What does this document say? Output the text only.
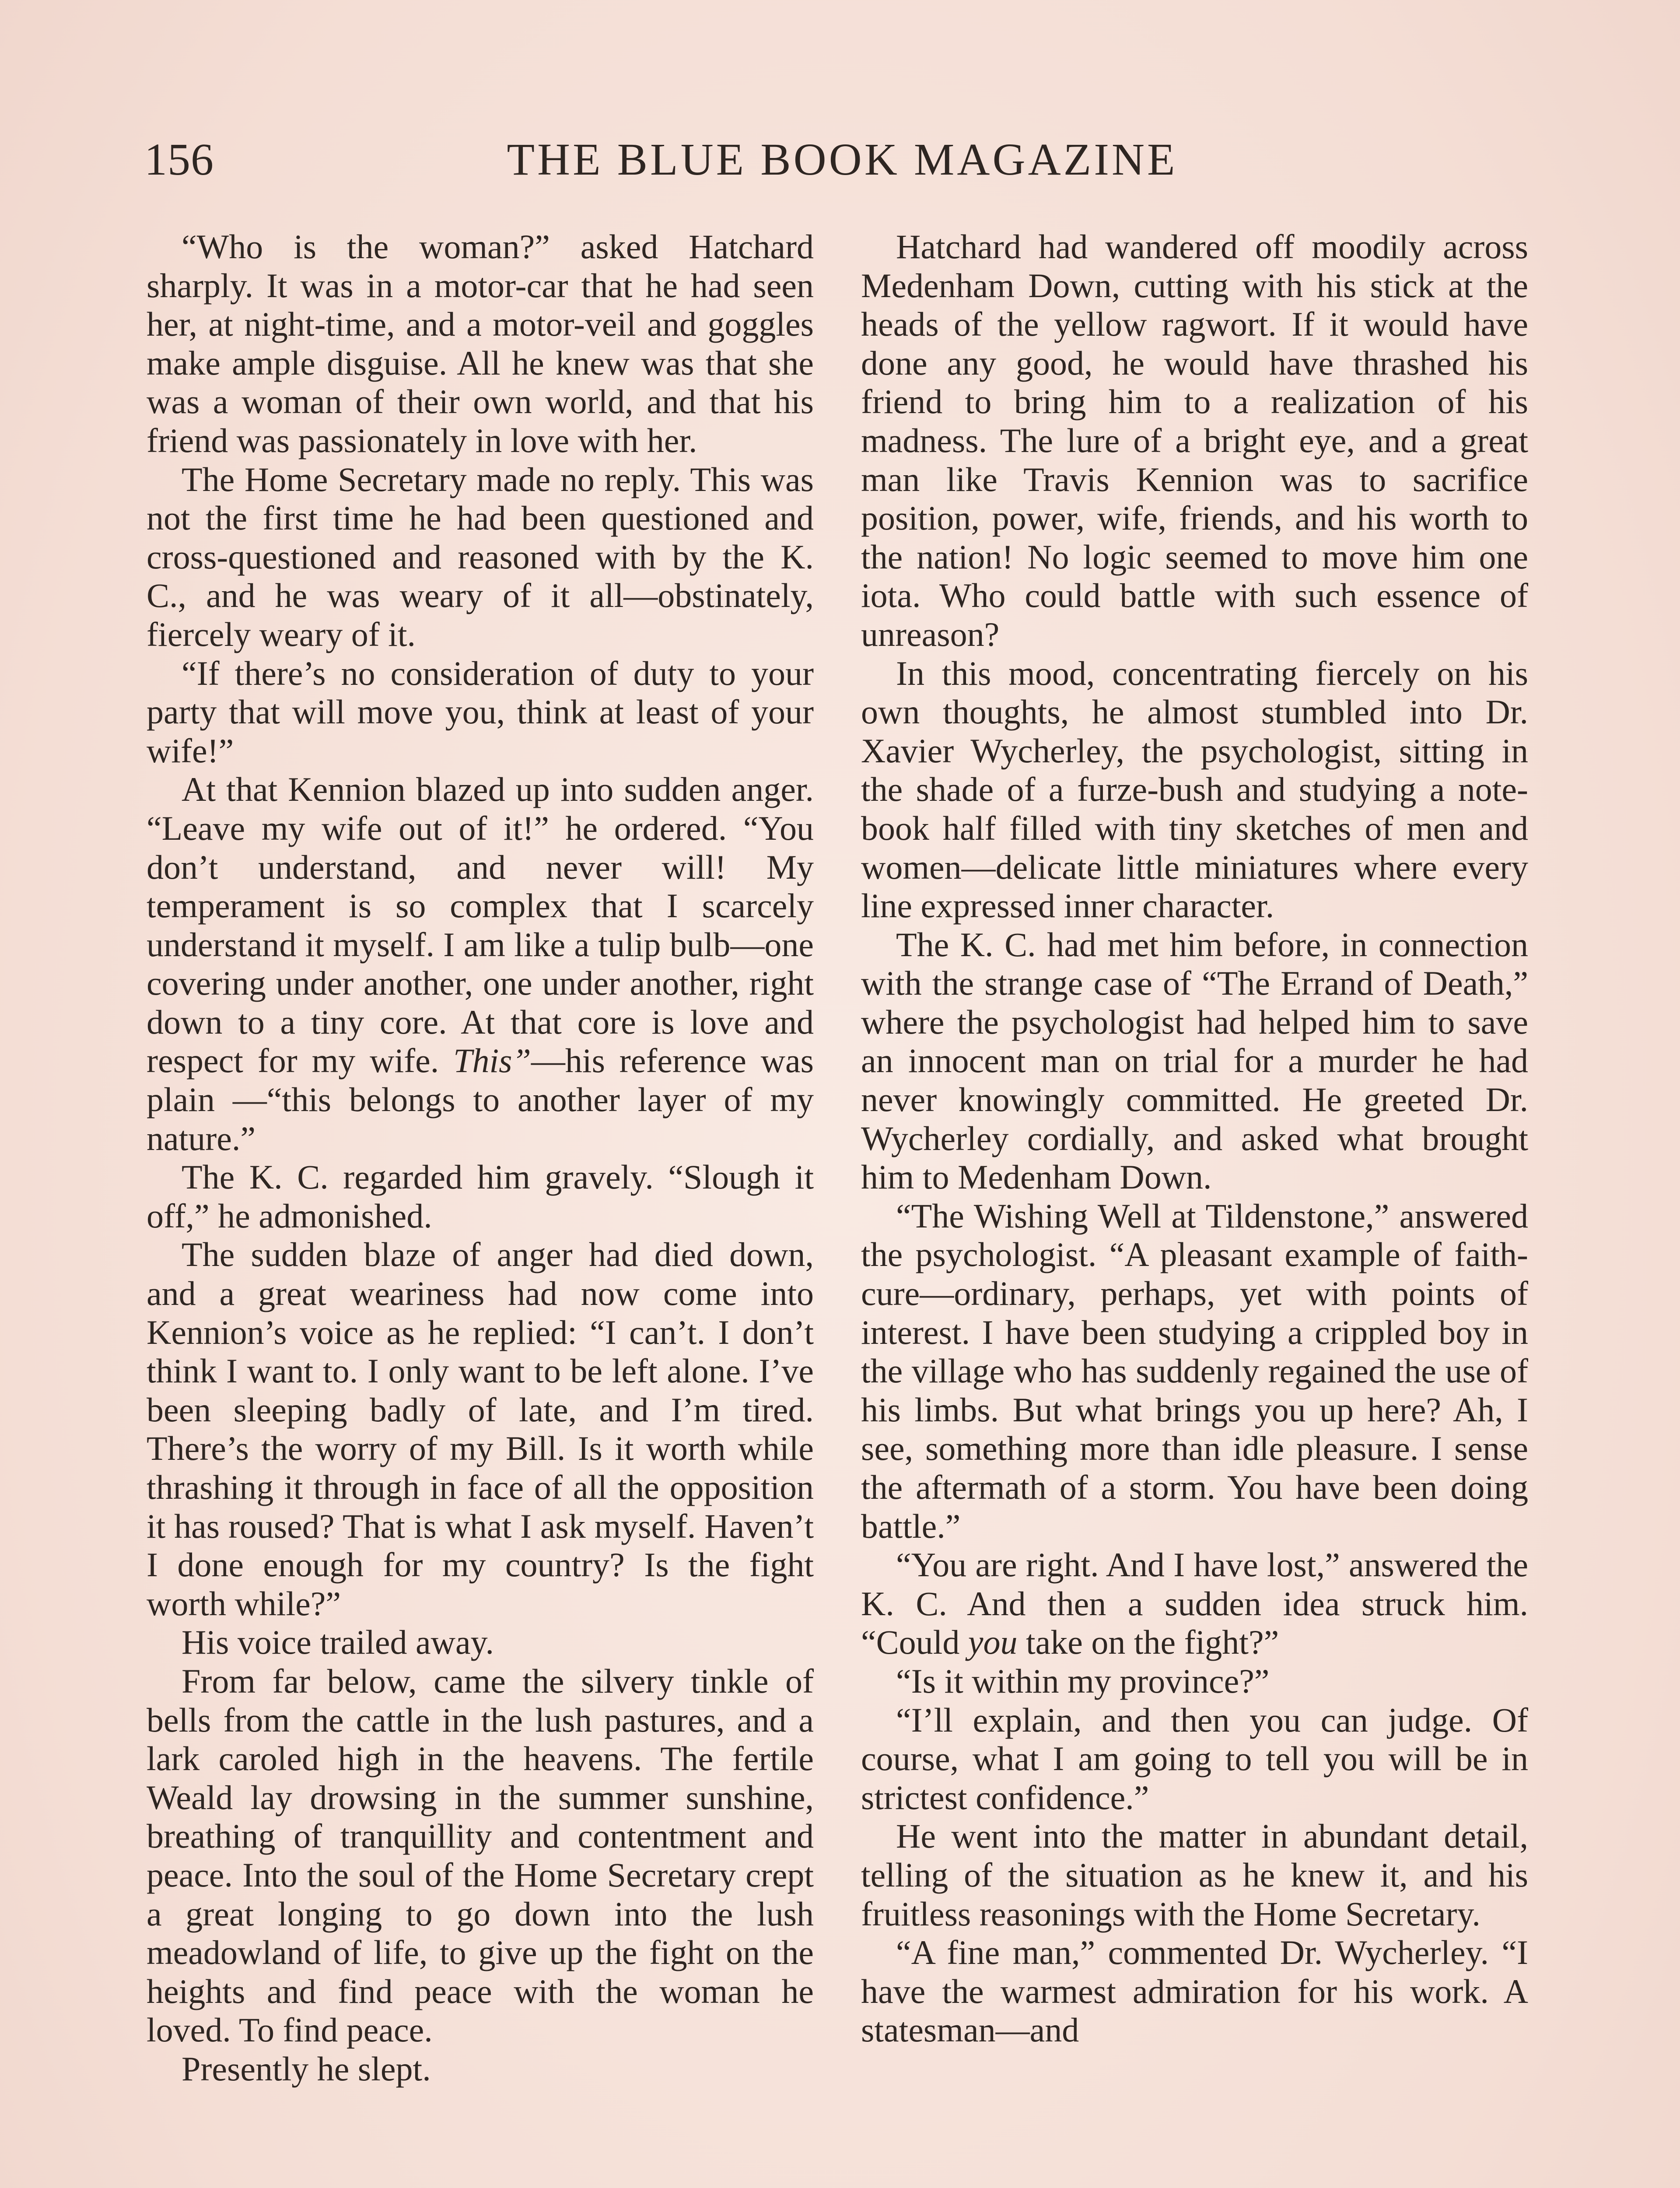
156	THE BLUE BOOK MAGAZINE

“Who is the woman?” asked Hatchard sharply. It was in a motor-car that he had seen her, at night-time, and a motor-veil and goggles make ample disguise. All he knew was that she was a woman of their own world, and that his friend was passionately in love with her.

The Home Secretary made no reply. This was not the first time he had been questioned and cross-questioned and reasoned with by the K. C., and he was weary of it all—obstinately, fiercely weary of it.

“If there’s no consideration of duty to your party that will move you, think at least of your wife!”

At that Kennion blazed up into sudden anger. “Leave my wife out of it!” he ordered. “You don’t understand, and never will! My temperament is so complex that I scarcely understand it myself. I am like a tulip bulb—one covering under another, one under another, right down to a tiny core. At that core is love and respect for my wife. This”—his reference was plain —“this belongs to another layer of my nature.”

The K. C. regarded him gravely. “Slough it off,” he admonished.

The sudden blaze of anger had died down, and a great weariness had now come into Kennion’s voice as he replied: “I can’t. I don’t think I want to. I only want to be left alone. I’ve been sleeping badly of late, and I’m tired. There’s the worry of my Bill. Is it worth while thrashing it through in face of all the opposition it has roused? That is what I ask myself. Haven’t I done enough for my country? Is the fight worth while?”

His voice trailed away.

From far below, came the silvery tinkle of bells from the cattle in the lush pastures, and a lark caroled high in the heavens. The fertile Weald lay drowsing in the summer sunshine, breathing of tranquillity and contentment and peace. Into the soul of the Home Secretary crept a great longing to go down into the lush meadowland of life, to give up the fight on the heights and find peace with the woman he loved. To find peace.

Presently he slept.

Hatchard had wandered off moodily across Medenham Down, cutting with his stick at the heads of the yellow ragwort. If it would have done any good, he would have thrashed his friend to bring him to a realization of his madness. The lure of a bright eye, and a great man like Travis Kennion was to sacrifice position, power, wife, friends, and his worth to the nation! No logic seemed to move him one iota. Who could battle with such essence of unreason?

In this mood, concentrating fiercely on his own thoughts, he almost stumbled into Dr. Xavier Wycherley, the psychologist, sitting in the shade of a furze-bush and studying a note-book half filled with tiny sketches of men and women—delicate little miniatures where every line expressed inner character.

The K. C. had met him before, in connection with the strange case of “The Errand of Death,” where the psychologist had helped him to save an innocent man on trial for a murder he had never knowingly committed. He greeted Dr. Wycherley cordially, and asked what brought him to Medenham Down.

“The Wishing Well at Tildenstone,” answered the psychologist. “A pleasant example of faith-cure—ordinary, perhaps, yet with points of interest. I have been studying a crippled boy in the village who has suddenly regained the use of his limbs. But what brings you up here? Ah, I see, something more than idle pleasure. I sense the aftermath of a storm. You have been doing battle.”

“You are right. And I have lost,” answered the K. C. And then a sudden idea struck him. “Could you take on the fight?”

“Is it within my province?”

“I’ll explain, and then you can judge. Of course, what I am going to tell you will be in strictest confidence.”

He went into the matter in abundant detail, telling of the situation as he knew it, and his fruitless reasonings with the Home Secretary.

“A fine man,” commented Dr. Wycherley. “I have the warmest admiration for his work. A statesman—and
